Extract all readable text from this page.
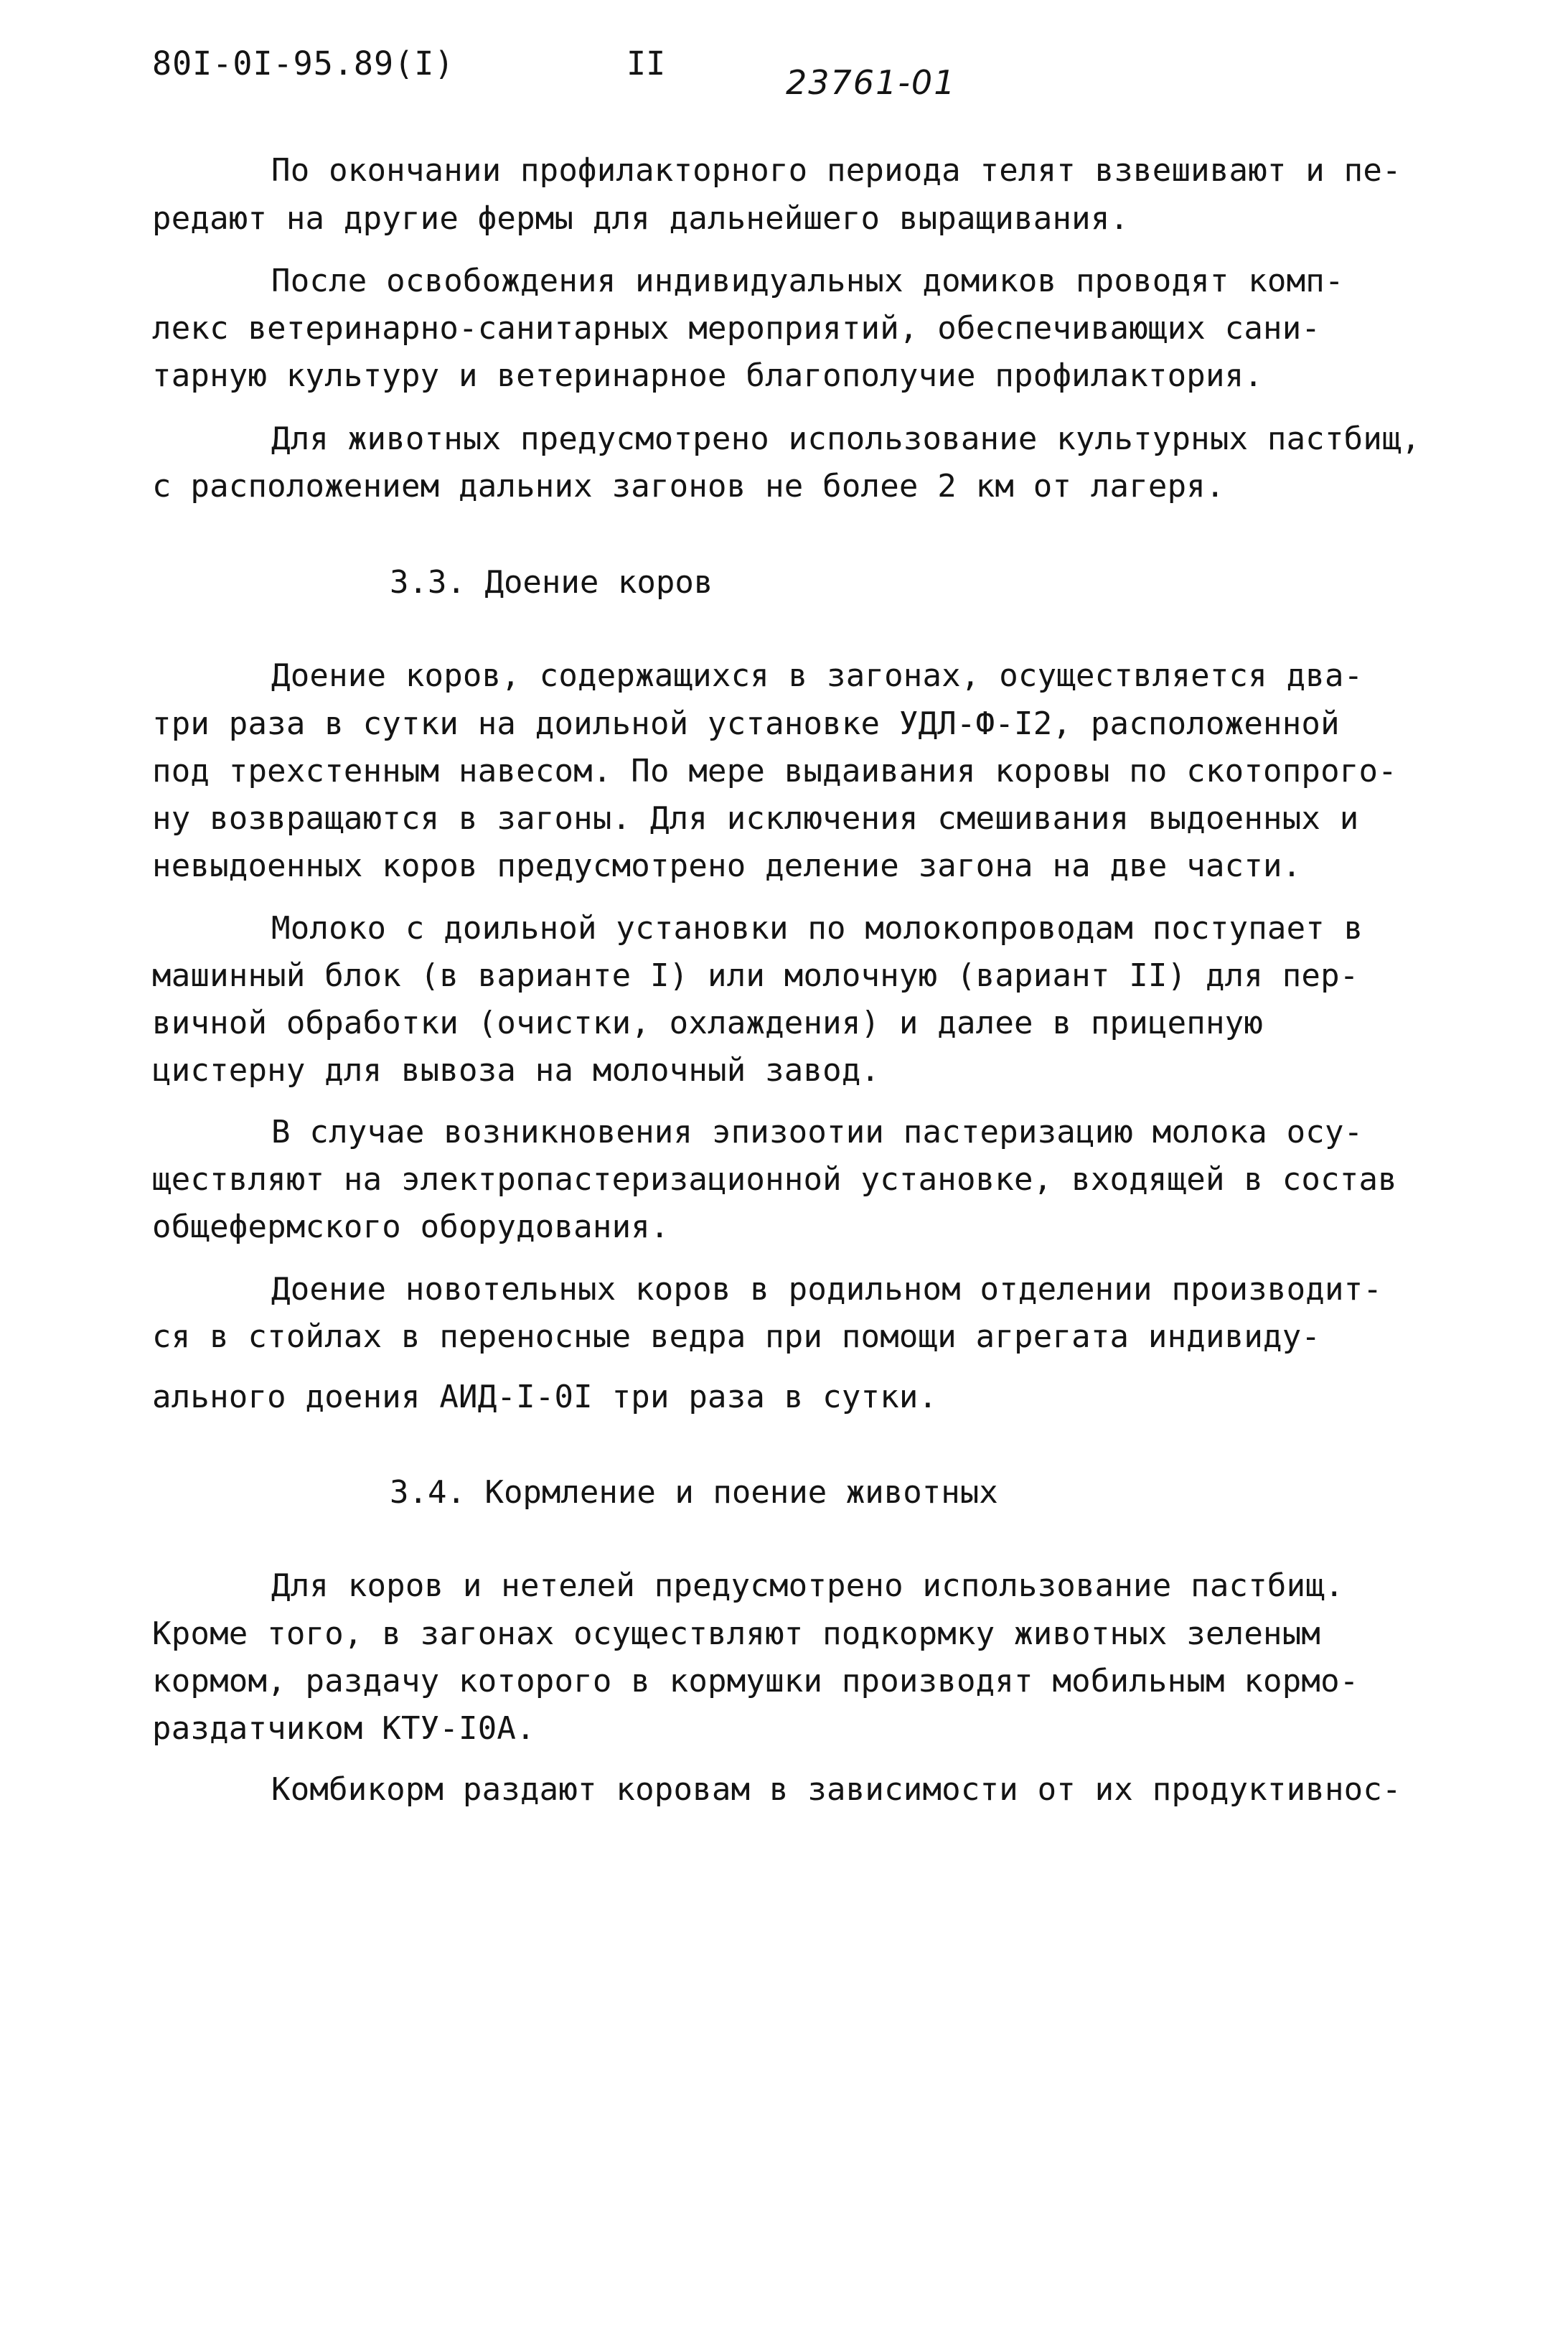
80I-0I-95.89(I)	II	23761-01
По окончании профилакторного периода телят взвешивают и пе-
редают на другие фермы для дальнейшего выращивания.
После освобождения индивидуальных домиков проводят комп-
лекс ветеринарно-санитарных мероприятий, обеспечивающих сани-
тарную культуру и ветеринарное благополучие профилактория.
Для животных предусмотрено использование культурных пастбищ,
с расположением дальних загонов не более 2 км от лагеря.
3.3. Доение коров
Доение коров, содержащихся в загонах, осуществляется два-
три раза в сутки на доильной установке УДЛ-Ф-I2, расположенной
под трехстенным навесом. По мере выдаивания коровы по скотопрого-
ну возвращаются в загоны. Для исключения смешивания выдоенных и
невыдоенных коров предусмотрено деление загона на две части.
Молоко с доильной установки по молокопроводам поступает в
машинный блок (в варианте I) или молочную (вариант II) для пер-
вичной обработки (очистки, охлаждения) и далее в прицепную
цистерну для вывоза на молочный завод.
В случае возникновения эпизоотии пастеризацию молока осу-
ществляют на электропастеризационной установке, входящей в состав
общефермского оборудования.
Доение новотельных коров в родильном отделении производит-
ся в стойлах в переносные ведра при помощи агрегата индивиду-
ального доения АИД-I-0I три раза в сутки.
3.4. Кормление и поение животных
Для коров и нетелей предусмотрено использование пастбищ.
Кроме того, в загонах осуществляют подкормку животных зеленым
кормом, раздачу которого в кормушки производят мобильным кормо-
раздатчиком КТУ-I0А.
Комбикорм раздают коровам в зависимости от их продуктивнос-
